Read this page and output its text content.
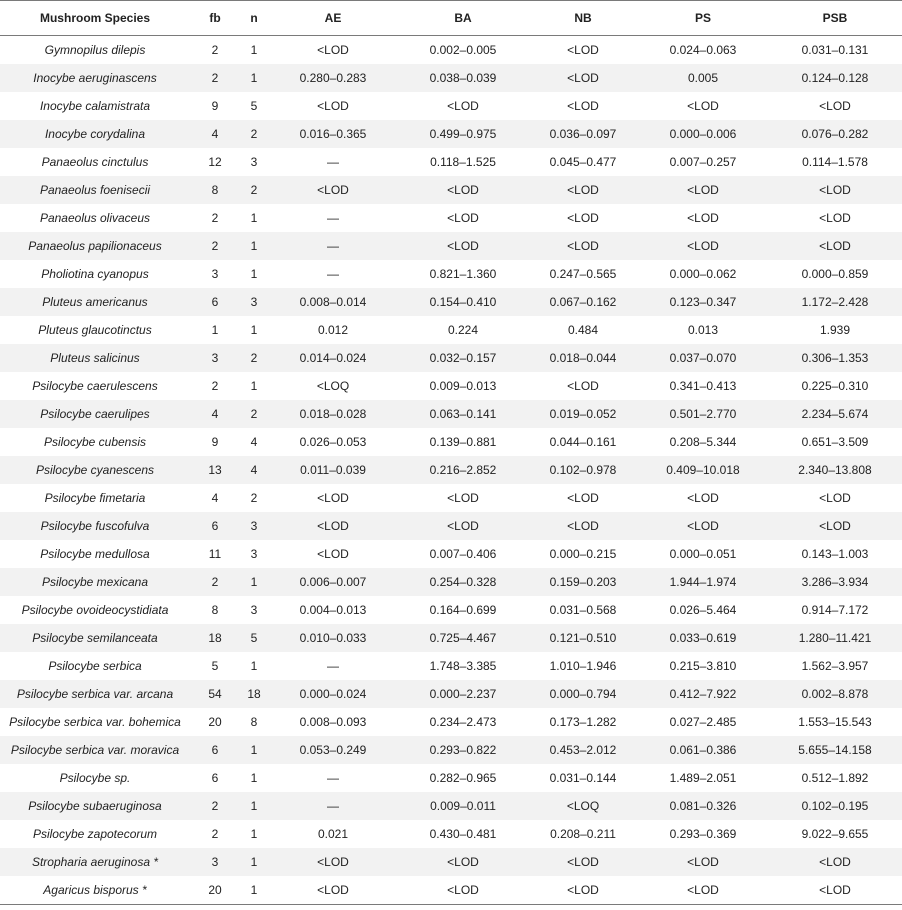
Mushroom Species	fb	n	AE	BA	NB	PS	PSB
Gymnopilus dilepis	2	1	<LOD	0.002–0.005	<LOD	0.024–0.063	0.031–0.131
Inocybe aeruginascens	2	1	0.280–0.283	0.038–0.039	<LOD	0.005	0.124–0.128
Inocybe calamistrata	9	5	<LOD	<LOD	<LOD	<LOD	<LOD
Inocybe corydalina	4	2	0.016–0.365	0.499–0.975	0.036–0.097	0.000–0.006	0.076–0.282
Panaeolus cinctulus	12	3	—	0.118–1.525	0.045–0.477	0.007–0.257	0.114–1.578
Panaeolus foenisecii	8	2	<LOD	<LOD	<LOD	<LOD	<LOD
Panaeolus olivaceus	2	1	—	<LOD	<LOD	<LOD	<LOD
Panaeolus papilionaceus	2	1	—	<LOD	<LOD	<LOD	<LOD
Pholiotina cyanopus	3	1	—	0.821–1.360	0.247–0.565	0.000–0.062	0.000–0.859
Pluteus americanus	6	3	0.008–0.014	0.154–0.410	0.067–0.162	0.123–0.347	1.172–2.428
Pluteus glaucotinctus	1	1	0.012	0.224	0.484	0.013	1.939
Pluteus salicinus	3	2	0.014–0.024	0.032–0.157	0.018–0.044	0.037–0.070	0.306–1.353
Psilocybe caerulescens	2	1	<LOQ	0.009–0.013	<LOD	0.341–0.413	0.225–0.310
Psilocybe caerulipes	4	2	0.018–0.028	0.063–0.141	0.019–0.052	0.501–2.770	2.234–5.674
Psilocybe cubensis	9	4	0.026–0.053	0.139–0.881	0.044–0.161	0.208–5.344	0.651–3.509
Psilocybe cyanescens	13	4	0.011–0.039	0.216–2.852	0.102–0.978	0.409–10.018	2.340–13.808
Psilocybe fimetaria	4	2	<LOD	<LOD	<LOD	<LOD	<LOD
Psilocybe fuscofulva	6	3	<LOD	<LOD	<LOD	<LOD	<LOD
Psilocybe medullosa	11	3	<LOD	0.007–0.406	0.000–0.215	0.000–0.051	0.143–1.003
Psilocybe mexicana	2	1	0.006–0.007	0.254–0.328	0.159–0.203	1.944–1.974	3.286–3.934
Psilocybe ovoideocystidiata	8	3	0.004–0.013	0.164–0.699	0.031–0.568	0.026–5.464	0.914–7.172
Psilocybe semilanceata	18	5	0.010–0.033	0.725–4.467	0.121–0.510	0.033–0.619	1.280–11.421
Psilocybe serbica	5	1	—	1.748–3.385	1.010–1.946	0.215–3.810	1.562–3.957
Psilocybe serbica var. arcana	54	18	0.000–0.024	0.000–2.237	0.000–0.794	0.412–7.922	0.002–8.878
Psilocybe serbica var. bohemica	20	8	0.008–0.093	0.234–2.473	0.173–1.282	0.027–2.485	1.553–15.543
Psilocybe serbica var. moravica	6	1	0.053–0.249	0.293–0.822	0.453–2.012	0.061–0.386	5.655–14.158
Psilocybe sp.	6	1	—	0.282–0.965	0.031–0.144	1.489–2.051	0.512–1.892
Psilocybe subaeruginosa	2	1	—	0.009–0.011	<LOQ	0.081–0.326	0.102–0.195
Psilocybe zapotecorum	2	1	0.021	0.430–0.481	0.208–0.211	0.293–0.369	9.022–9.655
Stropharia aeruginosa *	3	1	<LOD	<LOD	<LOD	<LOD	<LOD
Agaricus bisporus *	20	1	<LOD	<LOD	<LOD	<LOD	<LOD
